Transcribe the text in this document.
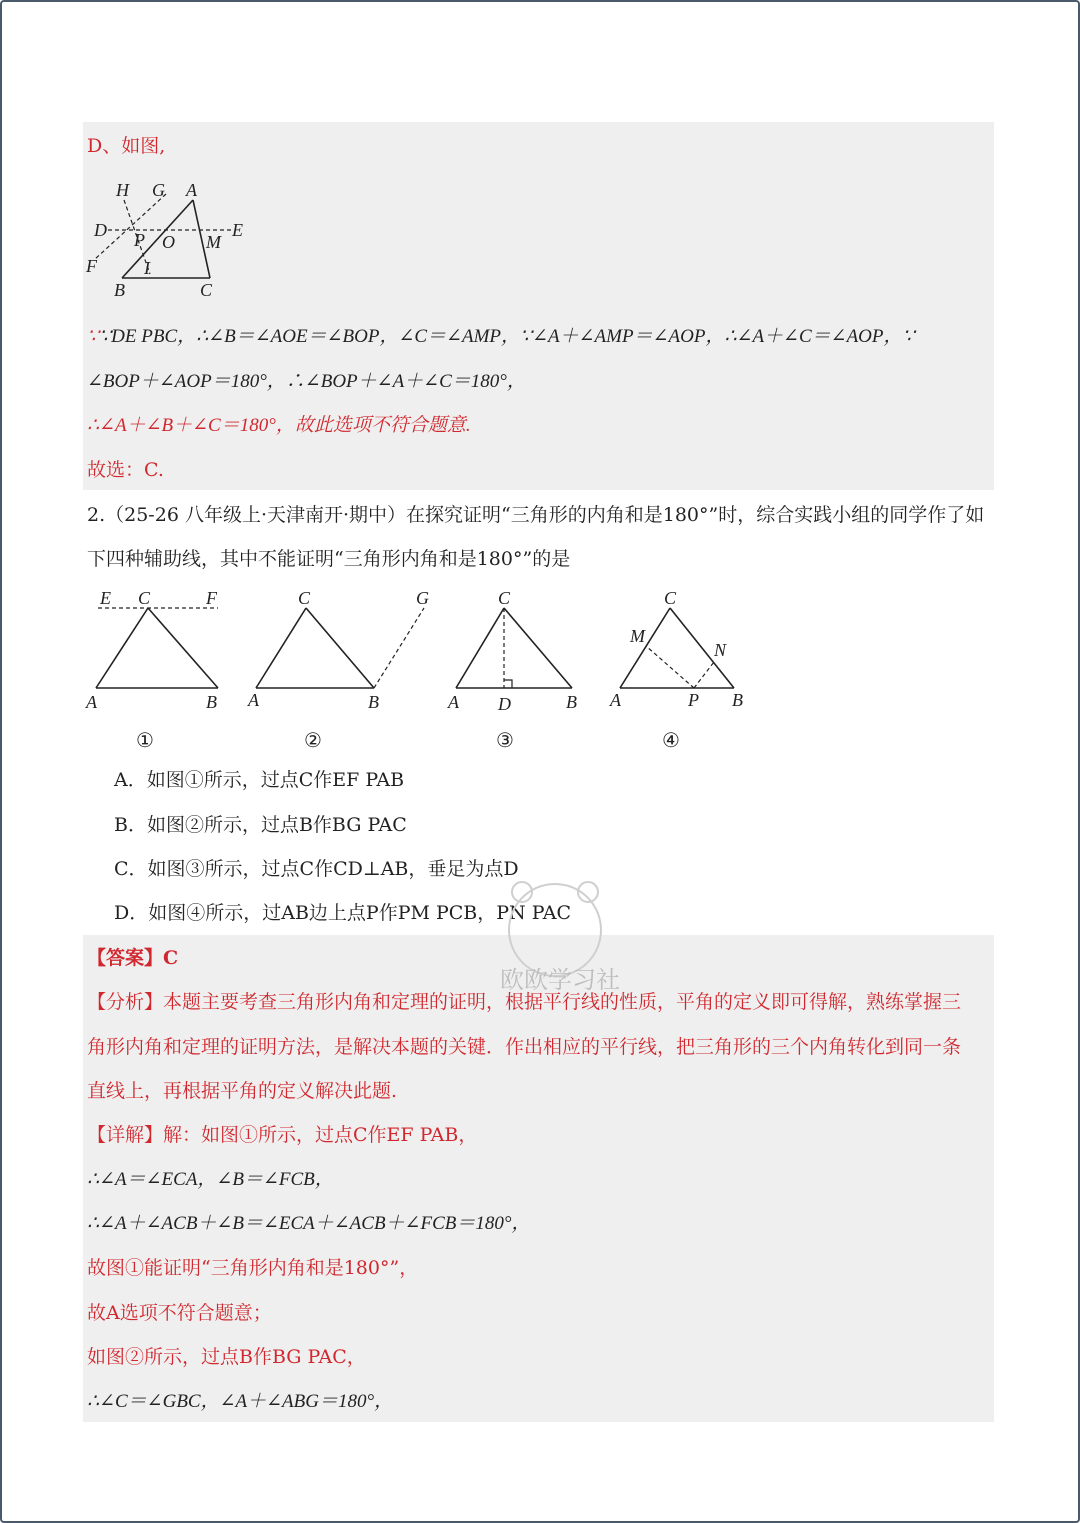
D、如图,
H G A
D	E
P O M
F	I
B	C
∵∵DE PBC，∴∠B＝∠AOE＝∠BOP，∠C＝∠AMP，∵∠A＋∠AMP＝∠AOP，∴∠A＋∠C＝∠AOP，∵
∠BOP＋∠AOP＝180°，∴∠BOP＋∠A＋∠C＝180°，
∴∠A＋∠B＋∠C＝180°，故此选项不符合题意.
故选：C.
2.（25-26 八年级上·天津南开·期中）在探究证明“三角形的内角和是180°”时，综合实践小组的同学作了如
下四种辅助线，其中不能证明“三角形内角和是180°”的是
E C	F
A	B
C	G
A	B
C
A D	B
C
M
N
A	P B
①	②	③	④
A．如图①所示，过点C作EF PAB
B．如图②所示，过点B作BG PAC
C．如图③所示，过点C作CD⊥AB，垂足为点D
D．如图④所示，过AB边上点P作PM PCB，PN PAC
【答案】C
【分析】本题主要考查三角形内角和定理的证明，根据平行线的性质，平角的定义即可得解，熟练掌握三
角形内角和定理的证明方法，是解决本题的关键．作出相应的平行线，把三角形的三个内角转化到同一条
直线上，再根据平角的定义解决此题.
【详解】解：如图①所示，过点C作EF PAB，
∴∠A＝∠ECA，∠B＝∠FCB，
∴∠A＋∠ACB＋∠B＝∠ECA＋∠ACB＋∠FCB＝180°，
故图①能证明“三角形内角和是180°”，
故A选项不符合题意；
如图②所示，过点B作BG PAC，
∴∠C＝∠GBC，∠A＋∠ABG＝180°，
欧欧学习社
